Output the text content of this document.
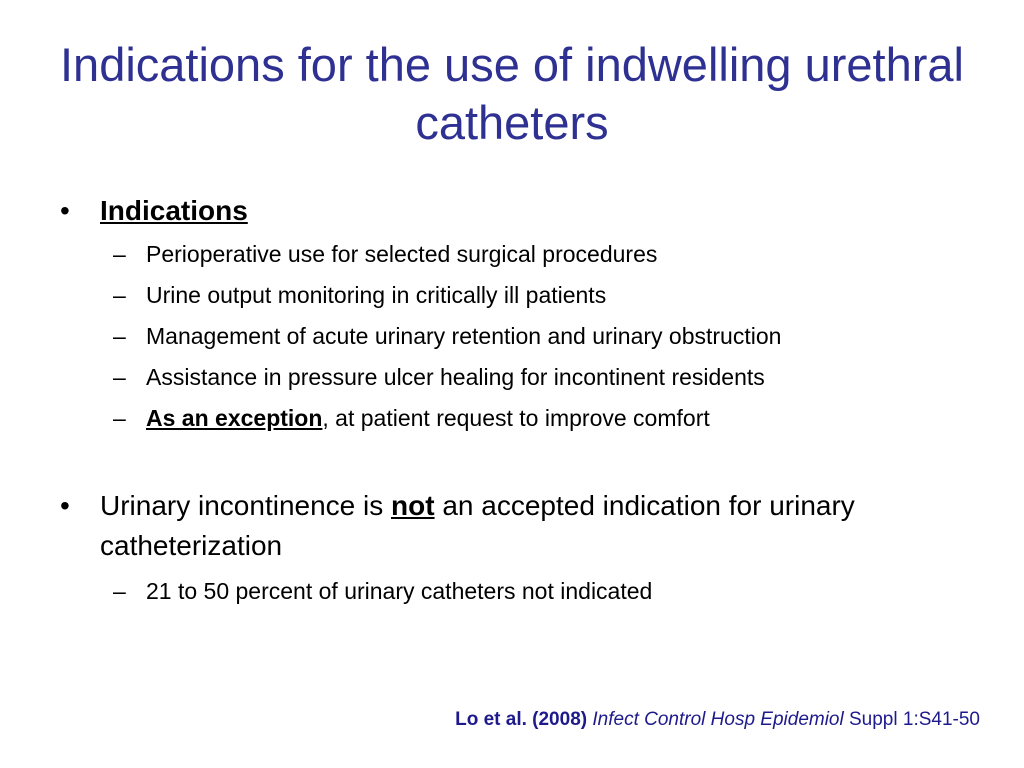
Indications for the use of indwelling urethral catheters
• Indications
– Perioperative use for selected surgical procedures
– Urine output monitoring in critically ill patients
– Management of acute urinary retention and urinary obstruction
– Assistance in pressure ulcer healing for incontinent residents
– As an exception, at patient request to improve comfort
• Urinary incontinence is not an accepted indication for urinary catheterization
– 21 to 50 percent of urinary catheters not indicated
Lo et al. (2008) Infect Control Hosp Epidemiol Suppl 1:S41-50
